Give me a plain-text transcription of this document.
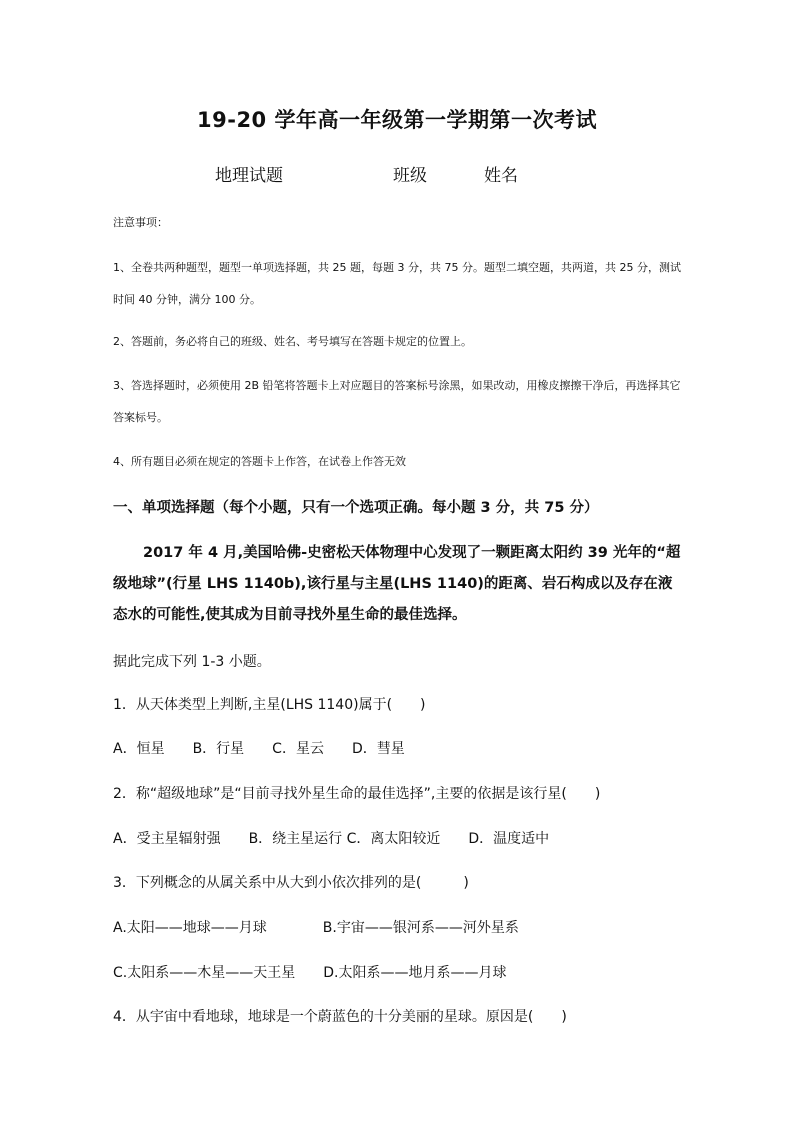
19-20 学年高一年级第一学期第一次考试
地理试题	班级	姓名
注意事项：
1、全卷共两种题型，题型一单项选择题，共 25 题，每题 3 分，共 75 分。题型二填空题，共两道，共 25 分，测试时间 40 分钟，满分 100 分。
2、答题前，务必将自己的班级、姓名、考号填写在答题卡规定的位置上。
3、答选择题时，必须使用 2B 铅笔将答题卡上对应题目的答案标号涂黑，如果改动，用橡皮擦擦干净后，再选择其它答案标号。
4、所有题目必须在规定的答题卡上作答，在试卷上作答无效
一、单项选择题（每个小题，只有一个选项正确。每小题 3 分，共 75 分）
2017 年 4 月,美国哈佛-史密松天体物理中心发现了一颗距离太阳约 39 光年的“超级地球”(行星 LHS 1140b),该行星与主星(LHS 1140)的距离、岩石构成以及存在液态水的可能性,使其成为目前寻找外星生命的最佳选择。
据此完成下列 1-3 小题。
1．从天体类型上判断,主星(LHS 1140)属于(　　)
A．恒星　　B．行星　　C．星云　　D．彗星
2．称“超级地球”是“目前寻找外星生命的最佳选择”,主要的依据是该行星(　　)
A．受主星辐射强　　B．绕主星运行 C．离太阳较近　　D．温度适中
3．下列概念的从属关系中从大到小依次排列的是(　　　)
A.太阳——地球——月球　　　　B.宇宙——银河系——河外星系
C.太阳系——木星——天王星　　D.太阳系——地月系——月球
4．从宇宙中看地球，地球是一个蔚蓝色的十分美丽的星球。原因是(　　)
